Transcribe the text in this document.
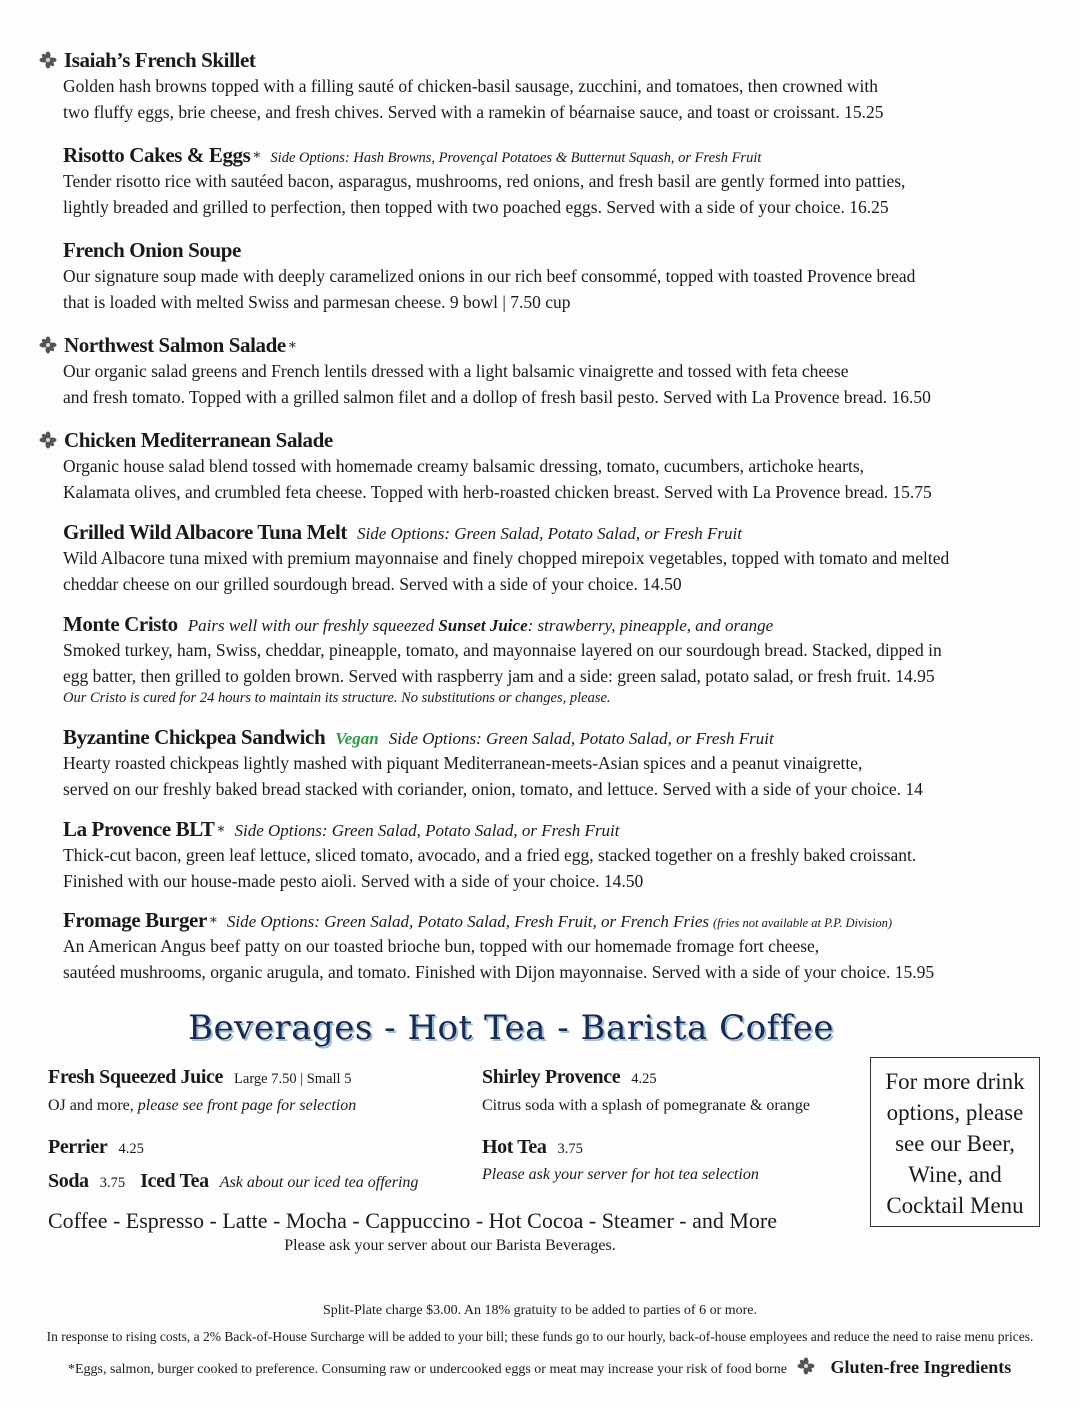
Isaiah’s French Skillet
Golden hash browns topped with a filling sauté of chicken-basil sausage, zucchini, and tomatoes, then crowned with
two fluffy eggs, brie cheese, and fresh chives. Served with a ramekin of béarnaise sauce, and toast or croissant. 15.25
Risotto Cakes & Eggs * Side Options: Hash Browns, Provençal Potatoes & Butternut Squash, or Fresh Fruit
Tender risotto rice with sautéed bacon, asparagus, mushrooms, red onions, and fresh basil are gently formed into patties,
lightly breaded and grilled to perfection, then topped with two poached eggs. Served with a side of your choice. 16.25
French Onion Soupe
Our signature soup made with deeply caramelized onions in our rich beef consommé, topped with toasted Provence bread
that is loaded with melted Swiss and parmesan cheese. 9 bowl | 7.50 cup
Northwest Salmon Salade *
Our organic salad greens and French lentils dressed with a light balsamic vinaigrette and tossed with feta cheese
and fresh tomato. Topped with a grilled salmon filet and a dollop of fresh basil pesto. Served with La Provence bread. 16.50
Chicken Mediterranean Salade
Organic house salad blend tossed with homemade creamy balsamic dressing, tomato, cucumbers, artichoke hearts,
Kalamata olives, and crumbled feta cheese. Topped with herb-roasted chicken breast. Served with La Provence bread. 15.75
Grilled Wild Albacore Tuna Melt Side Options: Green Salad, Potato Salad, or Fresh Fruit
Wild Albacore tuna mixed with premium mayonnaise and finely chopped mirepoix vegetables, topped with tomato and melted
cheddar cheese on our grilled sourdough bread. Served with a side of your choice. 14.50
Monte Cristo Pairs well with our freshly squeezed Sunset Juice: strawberry, pineapple, and orange
Smoked turkey, ham, Swiss, cheddar, pineapple, tomato, and mayonnaise layered on our sourdough bread. Stacked, dipped in
egg batter, then grilled to golden brown. Served with raspberry jam and a side: green salad, potato salad, or fresh fruit. 14.95
Our Cristo is cured for 24 hours to maintain its structure. No substitutions or changes, please.
Byzantine Chickpea Sandwich Vegan Side Options: Green Salad, Potato Salad, or Fresh Fruit
Hearty roasted chickpeas lightly mashed with piquant Mediterranean-meets-Asian spices and a peanut vinaigrette,
served on our freshly baked bread stacked with coriander, onion, tomato, and lettuce. Served with a side of your choice. 14
La Provence BLT * Side Options: Green Salad, Potato Salad, or Fresh Fruit
Thick-cut bacon, green leaf lettuce, sliced tomato, avocado, and a fried egg, stacked together on a freshly baked croissant.
Finished with our house-made pesto aioli. Served with a side of your choice. 14.50
Fromage Burger * Side Options: Green Salad, Potato Salad, Fresh Fruit, or French Fries (fries not available at P.P. Division)
An American Angus beef patty on our toasted brioche bun, topped with our homemade fromage fort cheese,
sautéed mushrooms, organic arugula, and tomato. Finished with Dijon mayonnaise. Served with a side of your choice. 15.95
Beverages - Hot Tea - Barista Coffee
Fresh Squeezed Juice Large 7.50 | Small 5
OJ and more, please see front page for selection
Shirley Provence 4.25
Citrus soda with a splash of pomegranate & orange
Perrier 4.25	Hot Tea 3.75
Please ask your server for hot tea selection
Soda 3.75 Iced Tea Ask about our iced tea offering
For more drink
options, please
see our Beer,
Wine, and
Cocktail Menu
Coffee - Espresso - Latte - Mocha - Cappuccino - Hot Cocoa - Steamer - and More
Please ask your server about our Barista Beverages.
Split-Plate charge $3.00. An 18% gratuity to be added to parties of 6 or more.
In response to rising costs, a 2% Back-of-House Surcharge will be added to your bill; these funds go to our hourly, back-of-house employees and reduce the need to raise menu prices.
*Eggs, salmon, burger cooked to preference. Consuming raw or undercooked eggs or meat may increase your risk of food borne Gluten-free Ingredients
